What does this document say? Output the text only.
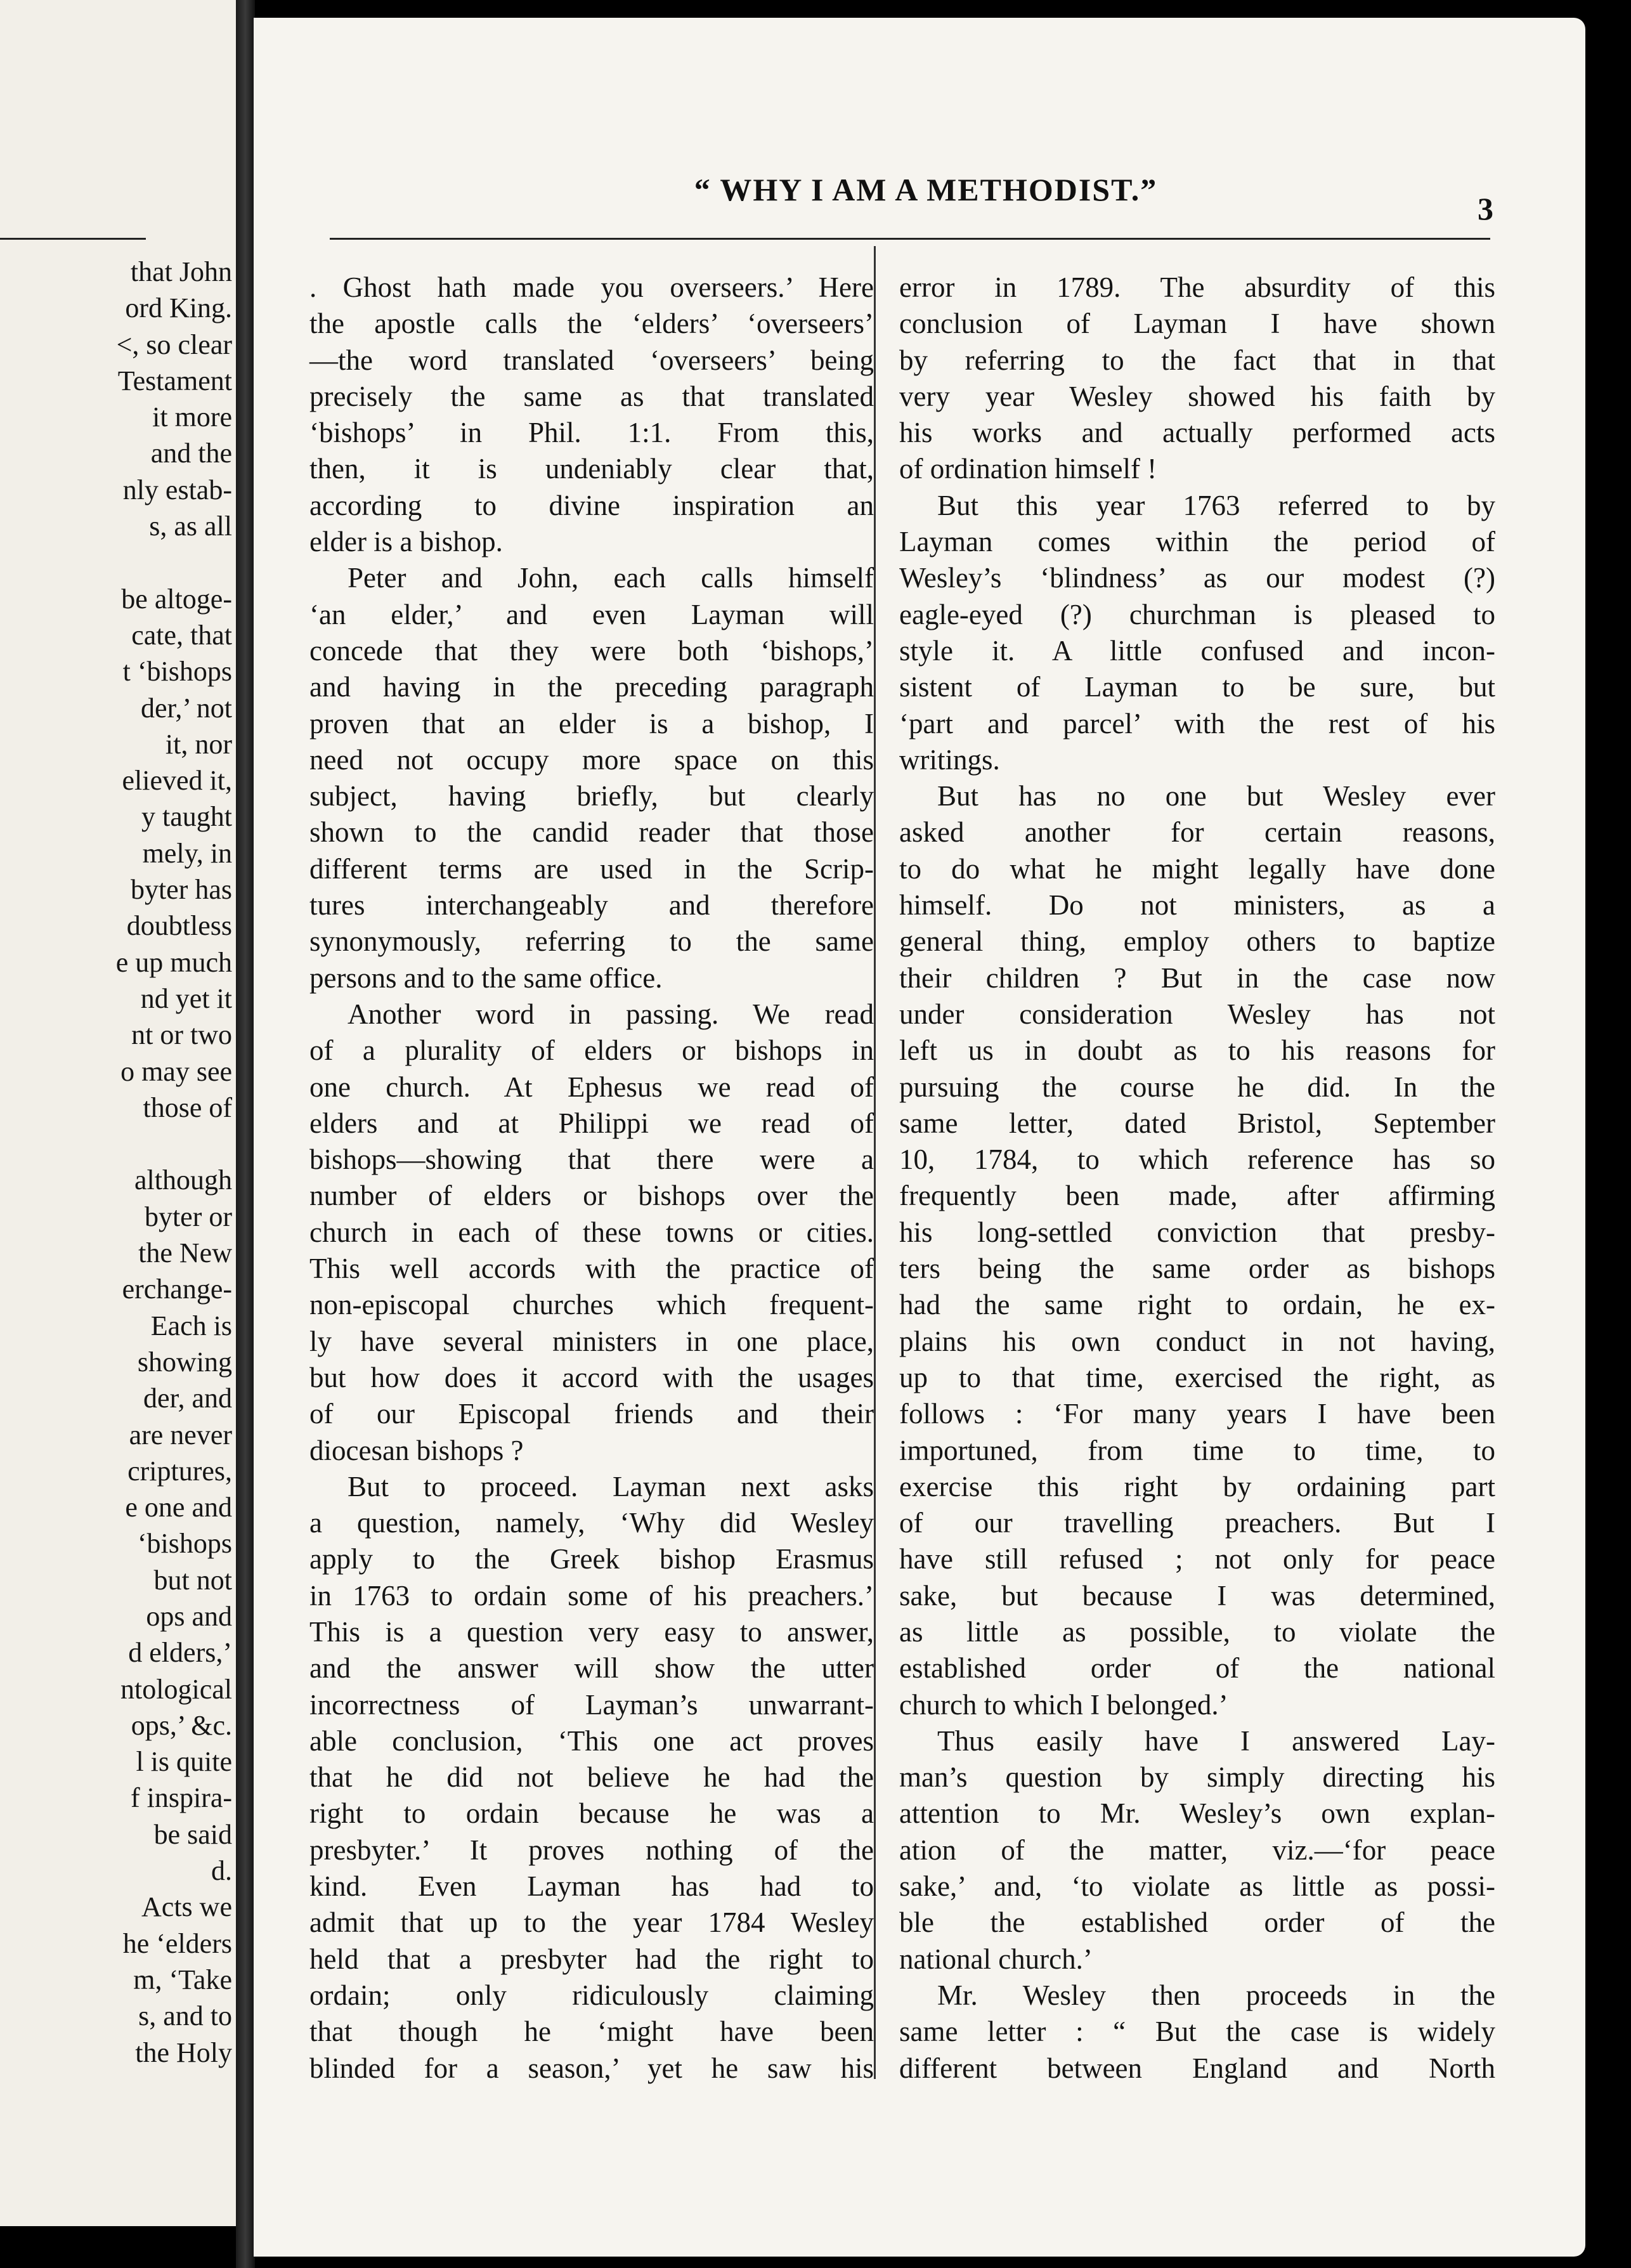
that John
ord King.
<, so clear
Testament
it more
and the
nly estab-
s, as all
be altoge-
cate, that
t ‘bishops
der,’ not
it, nor
elieved it,
y taught
mely, in
byter has
doubtless
e up much
nd yet it
nt or two
o may see
those of
although
byter or
the New
erchange-
Each is
showing
der, and
are never
criptures,
e one and
‘bishops
but not
ops and
d elders,’
ntological
ops,’ &c.
l is quite
f inspira-
be said
d.
Acts we
he ‘elders
m, ‘Take
s, and to
the Holy
“ WHY I AM A METHODIST.”
3
. Ghost hath made you overseers.’ Here
the apostle calls the ‘elders’ ‘overseers’
—the word translated ‘overseers’ being
precisely the same as that translated
‘bishops’ in Phil. 1:1. From this,
then, it is undeniably clear that,
according to divine inspiration an
elder is a bishop.
Peter and John, each calls himself
‘an elder,’ and even Layman will
concede that they were both ‘bishops,’
and having in the preceding paragraph
proven that an elder is a bishop, I
need not occupy more space on this
subject, having briefly, but clearly
shown to the candid reader that those
different terms are used in the Scrip-
tures interchangeably and therefore
synonymously, referring to the same
persons and to the same office.
Another word in passing. We read
of a plurality of elders or bishops in
one church. At Ephesus we read of
elders and at Philippi we read of
bishops—showing that there were a
number of elders or bishops over the
church in each of these towns or cities.
This well accords with the practice of
non-episcopal churches which frequent-
ly have several ministers in one place,
but how does it accord with the usages
of our Episcopal friends and their
diocesan bishops ?
But to proceed. Layman next asks
a question, namely, ‘Why did Wesley
apply to the Greek bishop Erasmus
in 1763 to ordain some of his preachers.’
This is a question very easy to answer,
and the answer will show the utter
incorrectness of Layman’s unwarrant-
able conclusion, ‘This one act proves
that he did not believe he had the
right to ordain because he was a
presbyter.’ It proves nothing of the
kind. Even Layman has had to
admit that up to the year 1784 Wesley
held that a presbyter had the right to
ordain; only ridiculously claiming
that though he ‘might have been
blinded for a season,’ yet he saw his
error in 1789. The absurdity of this
conclusion of Layman I have shown
by referring to the fact that in that
very year Wesley showed his faith by
his works and actually performed acts
of ordination himself !
But this year 1763 referred to by
Layman comes within the period of
Wesley’s ‘blindness’ as our modest (?)
eagle-eyed (?) churchman is pleased to
style it. A little confused and incon-
sistent of Layman to be sure, but
‘part and parcel’ with the rest of his
writings.
But has no one but Wesley ever
asked another for certain reasons,
to do what he might legally have done
himself. Do not ministers, as a
general thing, employ others to baptize
their children ? But in the case now
under consideration Wesley has not
left us in doubt as to his reasons for
pursuing the course he did. In the
same letter, dated Bristol, September
10, 1784, to which reference has so
frequently been made, after affirming
his long-settled conviction that presby-
ters being the same order as bishops
had the same right to ordain, he ex-
plains his own conduct in not having,
up to that time, exercised the right, as
follows : ‘For many years I have been
importuned, from time to time, to
exercise this right by ordaining part
of our travelling preachers. But I
have still refused ; not only for peace
sake, but because I was determined,
as little as possible, to violate the
established order of the national
church to which I belonged.’
Thus easily have I answered Lay-
man’s question by simply directing his
attention to Mr. Wesley’s own explan-
ation of the matter, viz.—‘for peace
sake,’ and, ‘to violate as little as possi-
ble the established order of the
national church.’
Mr. Wesley then proceeds in the
same letter : “ But the case is widely
different between England and North
